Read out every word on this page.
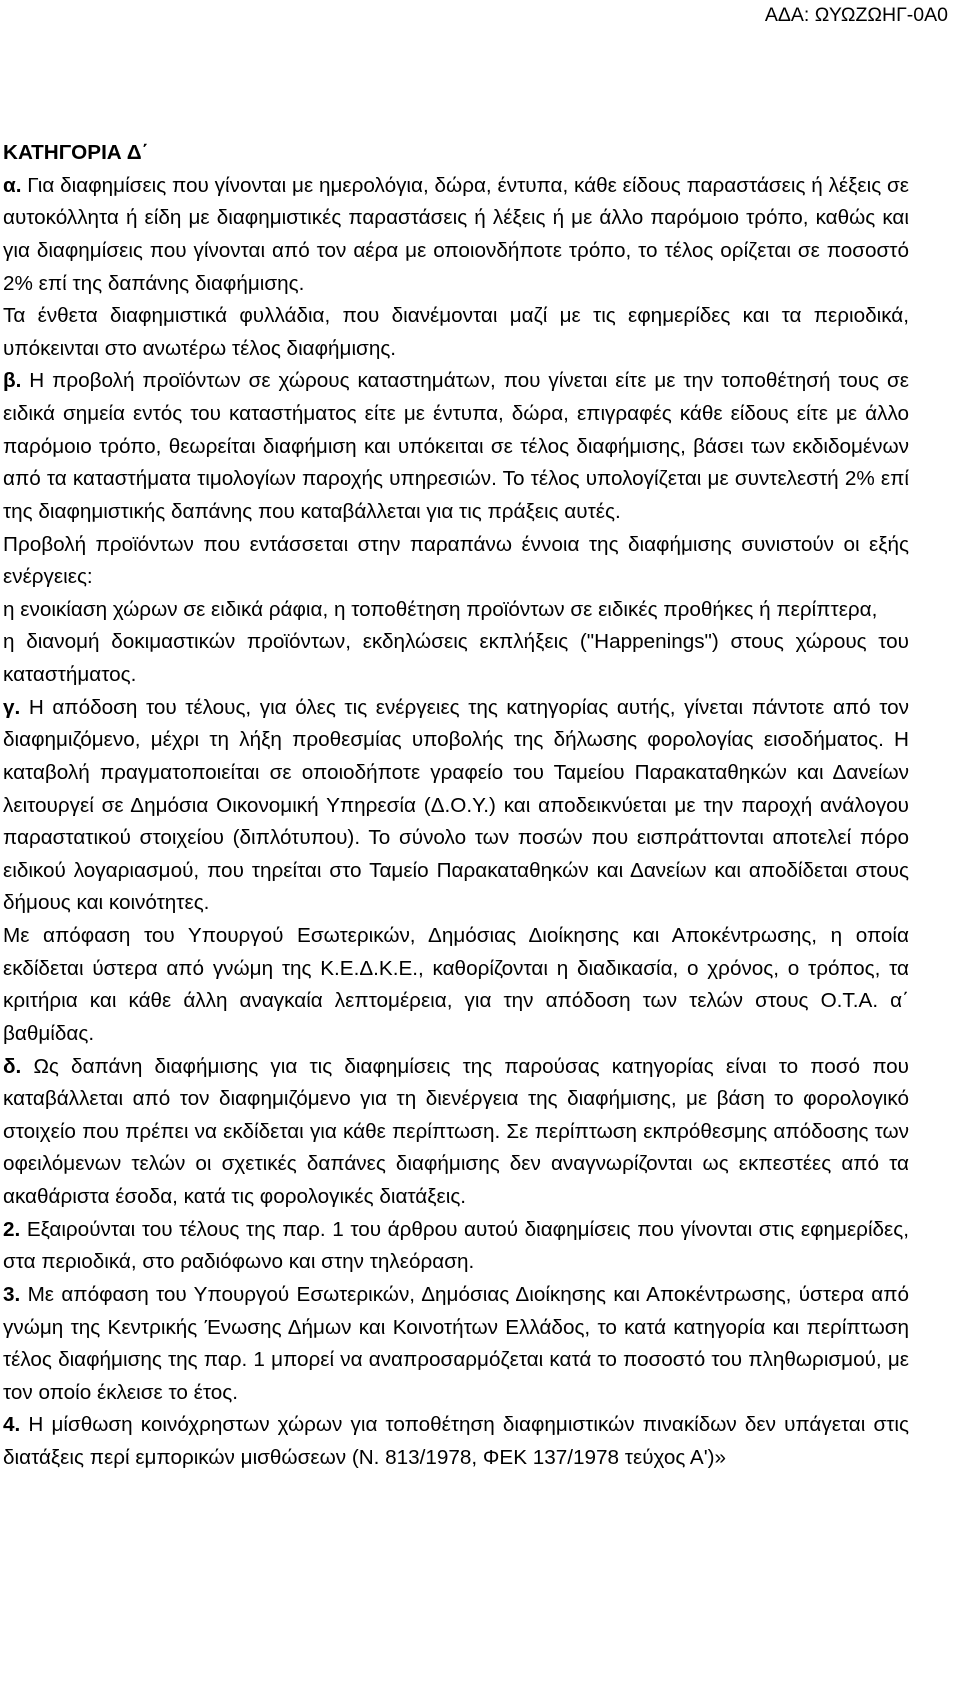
ΑΔΑ: ΩΥΩΖΩΗΓ-0Α0
ΚΑΤΗΓΟΡΙΑ Δ΄
α. Για διαφημίσεις που γίνονται με ημερολόγια, δώρα, έντυπα, κάθε είδους παραστάσεις ή λέξεις σε αυτοκόλλητα ή είδη με διαφημιστικές παραστάσεις ή λέξεις ή με άλλο παρόμοιο τρόπο, καθώς και για διαφημίσεις που γίνονται από τον αέρα με οποιονδήποτε τρόπο, το τέλος ορίζεται σε ποσοστό 2% επί της δαπάνης διαφήμισης.
Τα ένθετα διαφημιστικά φυλλάδια, που διανέμονται μαζί με τις εφημερίδες και τα περιοδικά, υπόκεινται στο ανωτέρω τέλος διαφήμισης.
β. Η προβολή προϊόντων σε χώρους καταστημάτων, που γίνεται είτε με την τοποθέτησή τους σε ειδικά σημεία εντός του καταστήματος είτε με έντυπα, δώρα, επιγραφές κάθε είδους είτε με άλλο παρόμοιο τρόπο, θεωρείται διαφήμιση και υπόκειται σε τέλος διαφήμισης, βάσει των εκδιδομένων από τα καταστήματα τιμολογίων παροχής υπηρεσιών. Το τέλος υπολογίζεται με συντελεστή 2% επί της διαφημιστικής δαπάνης που καταβάλλεται για τις πράξεις αυτές.
Προβολή προϊόντων που εντάσσεται στην παραπάνω έννοια της διαφήμισης συνιστούν οι εξής ενέργειες:
η ενοικίαση χώρων σε ειδικά ράφια, η τοποθέτηση προϊόντων σε ειδικές προθήκες ή περίπτερα,
η διανομή δοκιμαστικών προϊόντων, εκδηλώσεις εκπλήξεις ("Happenings") στους χώρους του καταστήματος.
γ. Η απόδοση του τέλους, για όλες τις ενέργειες της κατηγορίας αυτής, γίνεται πάντοτε από τον διαφημιζόμενο, μέχρι τη λήξη προθεσμίας υποβολής της δήλωσης φορολογίας εισοδήματος. Η καταβολή πραγματοποιείται σε οποιοδήποτε γραφείο του Ταμείου Παρακαταθηκών και Δανείων λειτουργεί σε Δημόσια Οικονομική Υπηρεσία (Δ.Ο.Υ.) και αποδεικνύεται με την παροχή ανάλογου παραστατικού στοιχείου (διπλότυπου). Το σύνολο των ποσών που εισπράττονται αποτελεί πόρο ειδικού λογαριασμού, που τηρείται στο Ταμείο Παρακαταθηκών και Δανείων και αποδίδεται στους δήμους και κοινότητες.
Με απόφαση του Υπουργού Εσωτερικών, Δημόσιας Διοίκησης και Αποκέντρωσης, η οποία εκδίδεται ύστερα από γνώμη της Κ.Ε.Δ.Κ.Ε., καθορίζονται η διαδικασία, ο χρόνος, ο τρόπος, τα κριτήρια και κάθε άλλη αναγκαία λεπτομέρεια, για την απόδοση των τελών στους Ο.Τ.Α. α΄ βαθμίδας.
δ. Ως δαπάνη διαφήμισης για τις διαφημίσεις της παρούσας κατηγορίας είναι το ποσό που καταβάλλεται από τον διαφημιζόμενο για τη διενέργεια της διαφήμισης, με βάση το φορολογικό στοιχείο που πρέπει να εκδίδεται για κάθε περίπτωση. Σε περίπτωση εκπρόθεσμης απόδοσης των οφειλόμενων τελών οι σχετικές δαπάνες διαφήμισης δεν αναγνωρίζονται ως εκπεστέες από τα ακαθάριστα έσοδα, κατά τις φορολογικές διατάξεις.
2. Εξαιρούνται του τέλους της παρ. 1 του άρθρου αυτού διαφημίσεις που γίνονται στις εφημερίδες, στα περιοδικά, στο ραδιόφωνο και στην τηλεόραση.
3. Με απόφαση του Υπουργού Εσωτερικών, Δημόσιας Διοίκησης και Αποκέντρωσης, ύστερα από γνώμη της Κεντρικής Ένωσης Δήμων και Κοινοτήτων Ελλάδος, το κατά κατηγορία και περίπτωση τέλος διαφήμισης της παρ. 1 μπορεί να αναπροσαρμόζεται κατά το ποσοστό του πληθωρισμού, με τον οποίο έκλεισε το έτος.
4. Η μίσθωση κοινόχρηστων χώρων για τοποθέτηση διαφημιστικών πινακίδων δεν υπάγεται στις διατάξεις περί εμπορικών μισθώσεων (Ν. 813/1978, ΦΕΚ 137/1978 τεύχος Α')»
